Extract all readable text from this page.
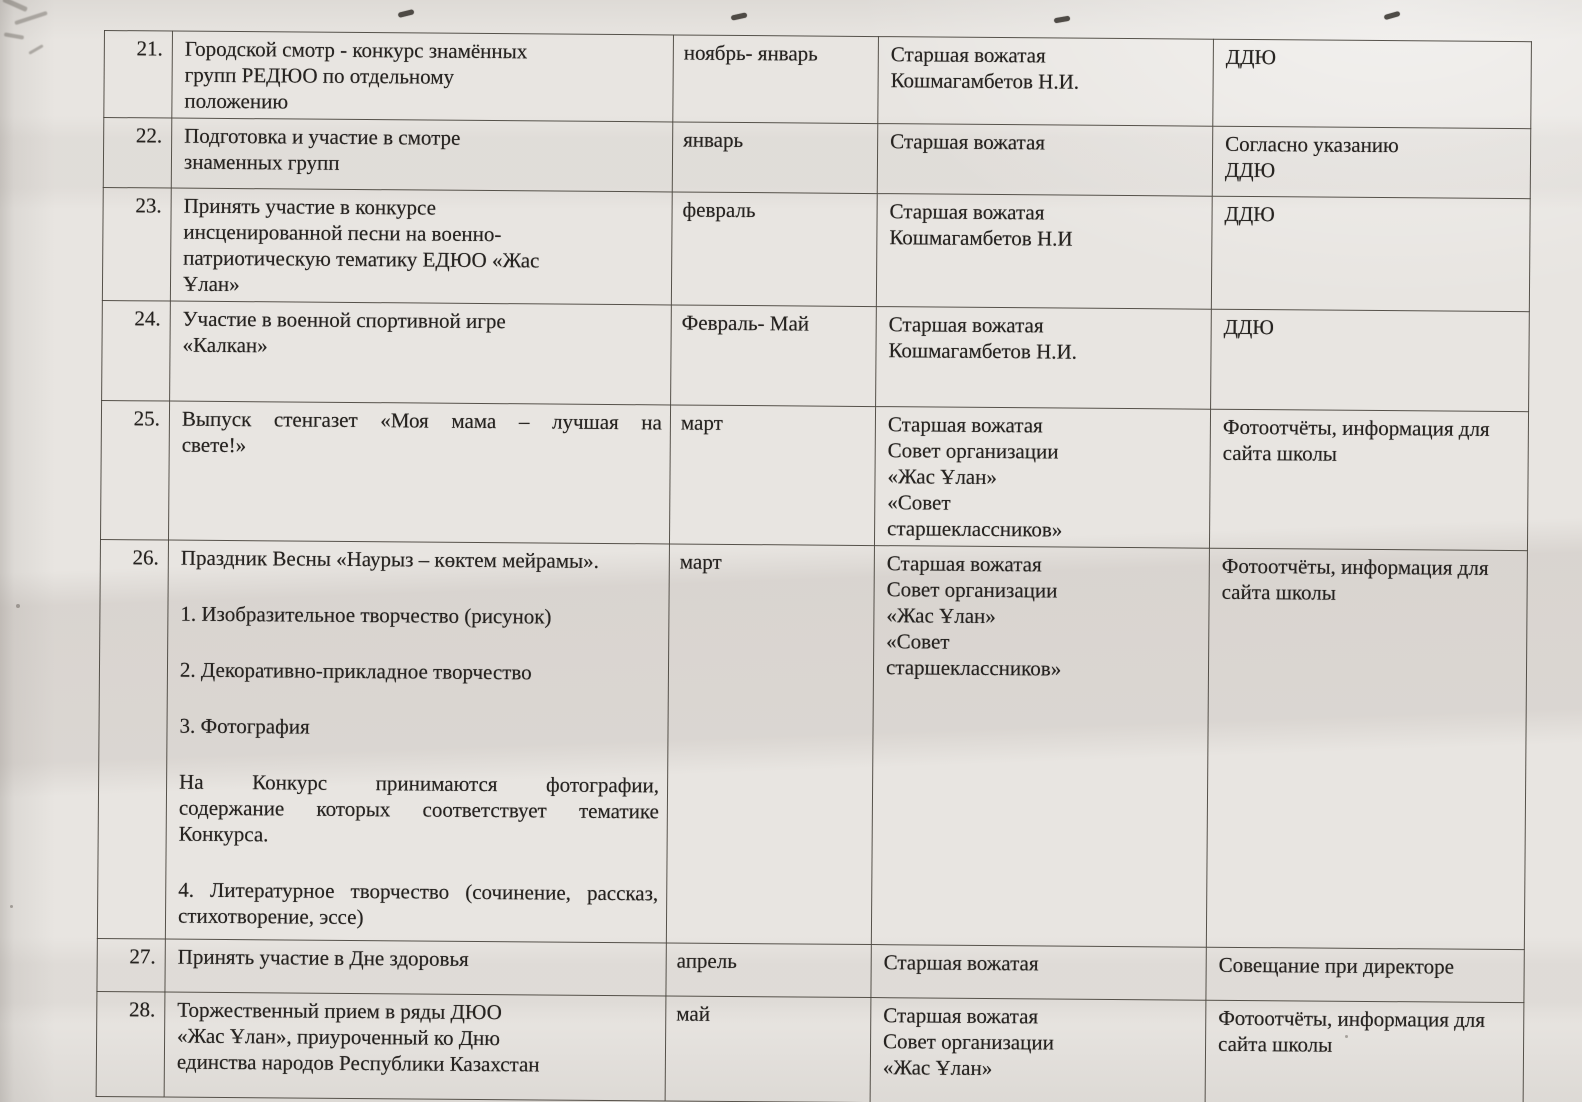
21.	Городской смотр - конкурс знамённых
групп РЕДЮО по отдельному
положению	ноябрь- январь	Старшая вожатая
Кошмагамбетов Н.И.	ДДЮ
22.	Подготовка и участие в смотре
знаменных групп	январь	Старшая вожатая	Согласно указанию
ДДЮ
23.	Принять участие в конкурсе
инсценированной песни на военно-
патриотическую тематику ЕДЮО «Жас
Ұлан»	февраль	Старшая вожатая
Кошмагамбетов Н.И	ДДЮ
24.	Участие в военной спортивной игре
«Калкан»	Февраль- Май	Старшая вожатая
Кошмагамбетов Н.И.	ДДЮ
25.	Выпуск стенгазет «Моя мама – лучшая на
свете!»	март	Старшая вожатая
Совет организации
«Жас Ұлан»
«Совет
старшеклассников»	Фотоотчёты, информация для
сайта школы
26.	Праздник Весны «Наурыз – көктем мейрамы».
1. Изобразительное творчество (рисунок)
2. Декоративно-прикладное творчество
3. Фотография
На Конкурс принимаются фотографии,
содержание которых соответствует тематике
Конкурса.
4. Литературное творчество (сочинение, рассказ, стихотворение, эссе)
	март	Старшая вожатая
Совет организации
«Жас Ұлан»
«Совет
старшеклассников»	Фотоотчёты, информация для
сайта школы
27.	Принять участие в Дне здоровья	апрель	Старшая вожатая	Совещание при директоре
28.	Торжественный прием в ряды ДЮО
«Жас Ұлан», приуроченный ко Дню
единства народов Республики Казахстан	май	Старшая вожатая
Совет организации
«Жас Ұлан»	Фотоотчёты, информация для
сайта школы
